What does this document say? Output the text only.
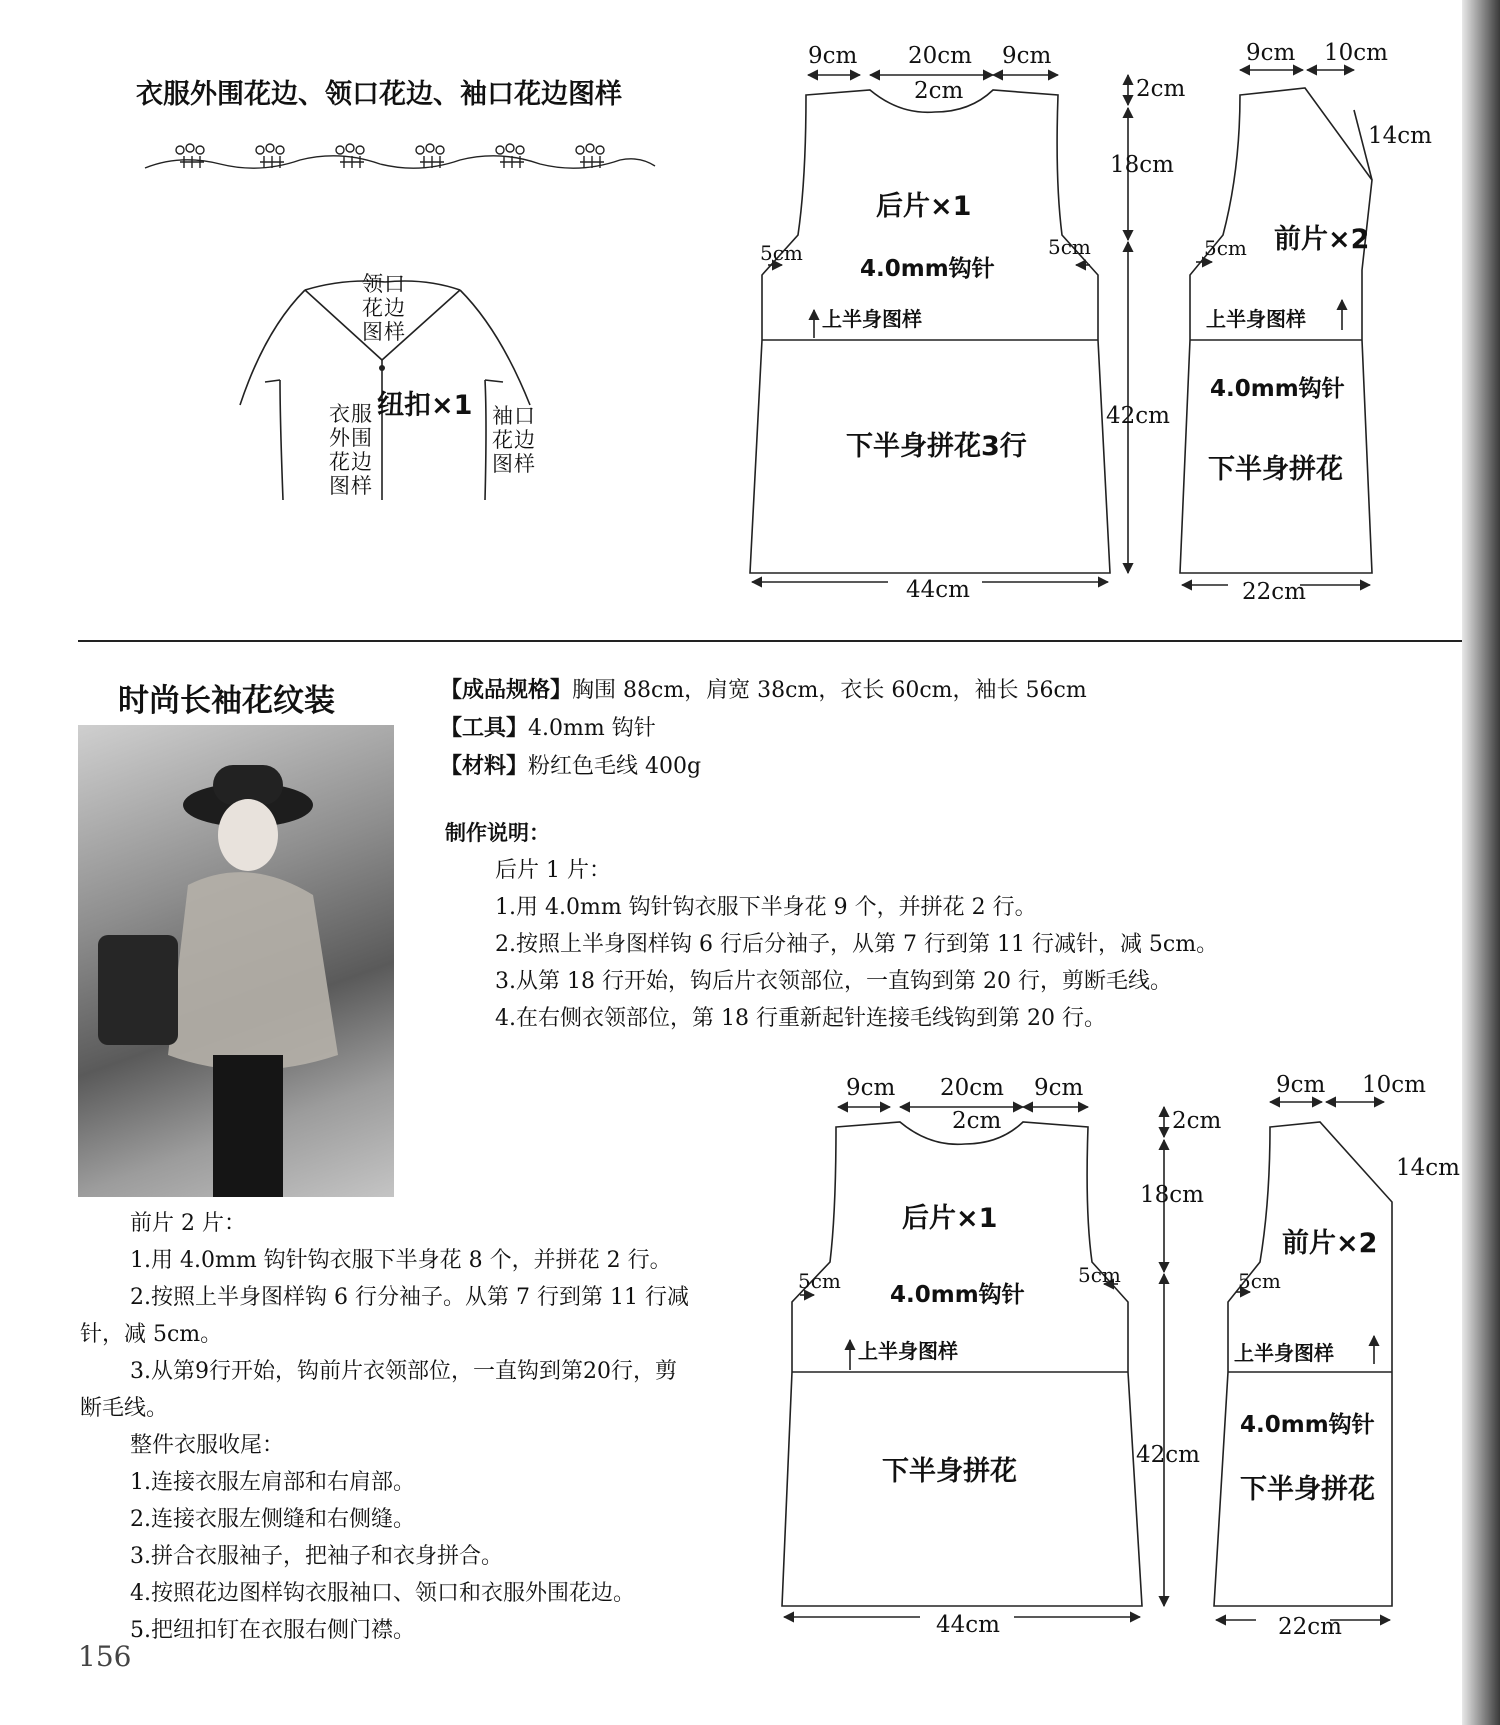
衣服外围花边、领口花边、袖口花边图样
领口
花边
图样
纽扣×1
衣服
外围
花边
图样
袖口
花边
图样
9cm 20cm 9cm
2cm
5cm	5cm
4.0mm钩针
上半身图样
下半身拼花3行
后片×1
44cm
2cm
18cm
42cm
9cm 10cm
14cm
前片×2
5cm
上半身图样
4.0mm钩针
下半身拼花
22cm
时尚长袖花纹装	【成品规格】胸围 88cm，肩宽 38cm，衣长 60cm，袖长 56cm
【工具】4.0mm 钩针
【材料】粉红色毛线 400g
制作说明：
后片 1 片：
1.用 4.0mm 钩针钩衣服下半身花 9 个，并拼花 2 行。
2.按照上半身图样钩 6 行后分袖子，从第 7 行到第 11 行减针，减 5cm。
3.从第 18 行开始，钩后片衣领部位，一直钩到第 20 行，剪断毛线。
4.在右侧衣领部位，第 18 行重新起针连接毛线钩到第 20 行。
前片 2 片：
1.用 4.0mm 钩针钩衣服下半身花 8 个，并拼花 2 行。
2.按照上半身图样钩 6 行分袖子。从第 7 行到第 11 行减
针，减 5cm。
3.从第9行开始，钩前片衣领部位，一直钩到第20行，剪
断毛线。
整件衣服收尾：
1.连接衣服左肩部和右肩部。
2.连接衣服左侧缝和右侧缝。
3.拼合衣服袖子，把袖子和衣身拼合。
4.按照花边图样钩衣服袖口、领口和衣服外围花边。
5.把纽扣钉在衣服右侧门襟。
9cm 20cm 9cm
2cm
5cm	5cm
4.0mm钩针
上半身图样
下半身拼花
后片×1
44cm
2cm
18cm
42cm
9cm 10cm
14cm
前片×2
5cm
上半身图样
4.0mm钩针
下半身拼花
22cm
156
